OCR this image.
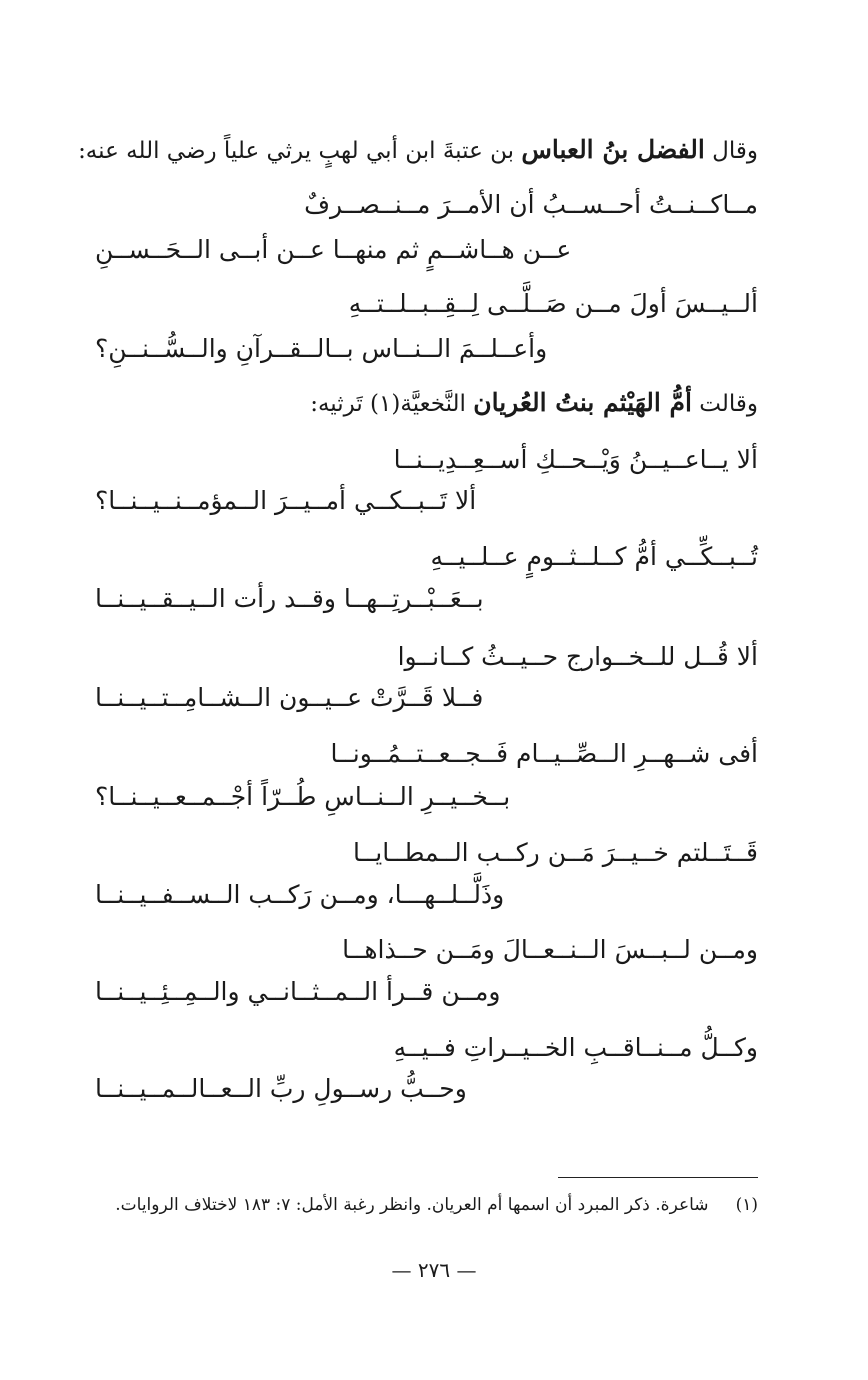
وقال الفضل بنُ العباس بن عتبةَ ابن أبي لهبٍ يرثي علياً رضي الله عنه:
مــاكــنــتُ أحــســبُ أن الأمــرَ مــنــصــرفٌ
عــن هــاشــمٍ ثم منهــا عــن أبــى الــحَــســنِ
ألــيــسَ أولَ مــن صَــلَّــى لِــقِــبــلــتــهِ
وأعــلــمَ الــنــاس بــالــقــرآنِ والــسُّــنــنِ؟
وقالت أمُّ الهَيْثم بنتُ العُريان النَّخعيَّة(١) تَرثيه:
ألا يــاعــيــنُ وَيْــحــكِ أســعِــدِيــنــا
ألا تَــبــكــي أمــيــرَ الــمؤمــنــيــنــا؟
تُــبــكِّــي أمُّ كــلــثــومٍ عــلــيــهِ
بــعَــبْــرتِــهــا وقــد رأت الــيــقــيــنــا
ألا قُــل للــخــوارج حــيــثُ كــانــوا
فــلا قَــرَّتْ عــيــون الــشــامِــتــيــنــا
أفى شــهــرِ الــصِّــيــام فَــجــعــتــمُــونــا
بــخــيــرِ الــنــاسِ طُــرّاً أجْــمــعــيــنــا؟
قَــتَــلتم خــيــرَ مَــن ركــب الــمطــايــا
وذَلَّــلــهـــا، ومــن رَكــب الــســفــيــنــا
ومــن لــبــسَ الــنــعــالَ ومَــن حــذاهــا
ومــن قــرأ الــمــثــانــي والــمِــئِــيــنــا
وكــلُّ مــنــاقــبِ الخــيــراتِ فــيــهِ
وحــبُّ رســولِ ربِّ الــعــالــمــيــنــا
(١)     شاعرة. ذكر المبرد أن اسمها أم العريان. وانظر رغبة الأمل: ٧: ١٨٣ لاختلاف الروايات.
— ٢٧٦ —
